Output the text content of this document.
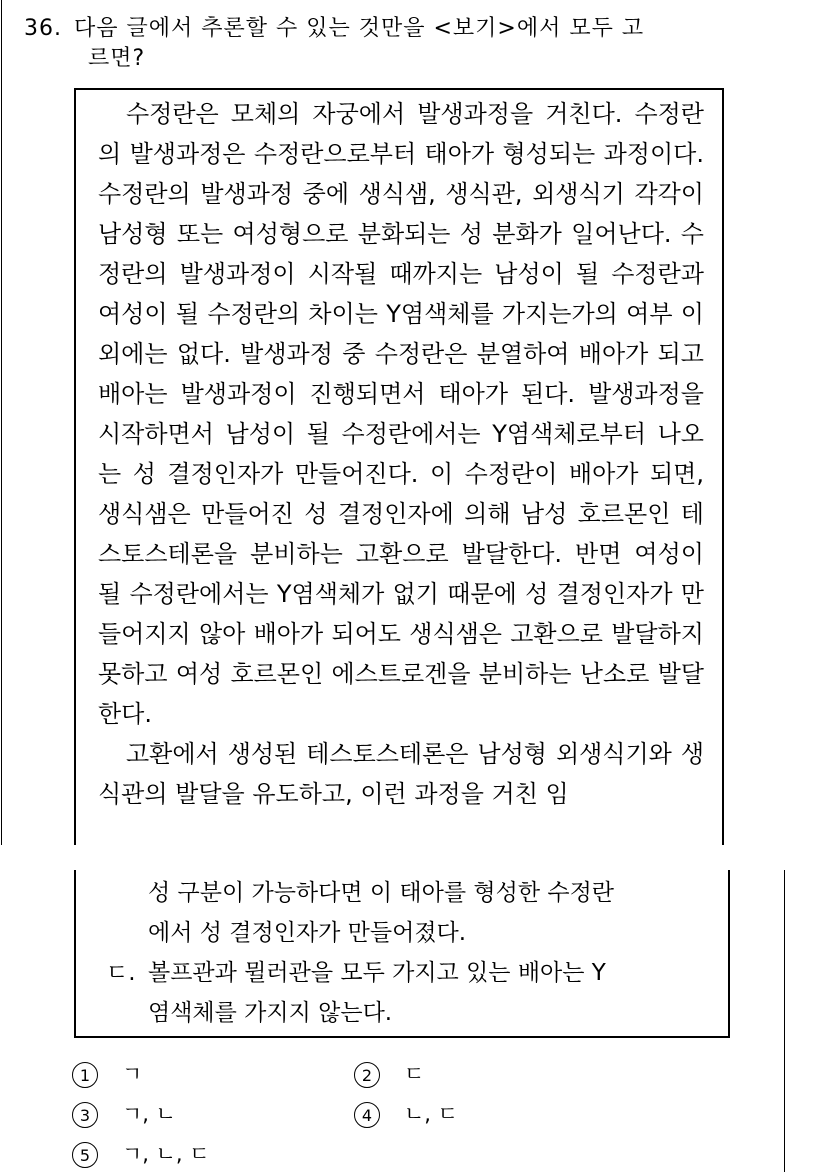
36. 다음 글에서 추론할 수 있는 것만을 <보기>에서 모두 고
르면?

수정란은 모체의 자궁에서 발생과정을 거친다. 수정란의 발생과정은 수정란으로부터 태아가 형성되는 과정이다. 수정란의 발생과정 중에 생식샘, 생식관, 외생식기 각각이 남성형 또는 여성형으로 분화되는 성 분화가 일어난다. 수정란의 발생과정이 시작될 때까지는 남성이 될 수정란과 여성이 될 수정란의 차이는 Y염색체를 가지는가의 여부 이외에는 없다. 발생과정 중 수정란은 분열하여 배아가 되고 배아는 발생과정이 진행되면서 태아가 된다. 발생과정을 시작하면서 남성이 될 수정란에서는 Y염색체로부터 나오는 성 결정인자가 만들어진다. 이 수정란이 배아가 되면, 생식샘은 만들어진 성 결정인자에 의해 남성 호르몬인 테스토스테론을 분비하는 고환으로 발달한다. 반면 여성이 될 수정란에서는 Y염색체가 없기 때문에 성 결정인자가 만들어지지 않아 배아가 되어도 생식샘은 고환으로 발달하지 못하고 여성 호르몬인 에스트로겐을 분비하는 난소로 발달한다.

고환에서 생성된 테스토스테론은 남성형 외생식기와 생식관의 발달을 유도하고, 이런 과정을 거친 임

성 구분이 가능하다면 이 태아를 형성한 수정란
에서 성 결정인자가 만들어졌다.
ㄷ. 볼프관과 뮐러관을 모두 가지고 있는 배아는 Y
염색체를 가지지 않는다.
1 ㄱ	2 ㄷ
3 ㄱ, ㄴ	4 ㄴ, ㄷ
5 ㄱ, ㄴ, ㄷ
